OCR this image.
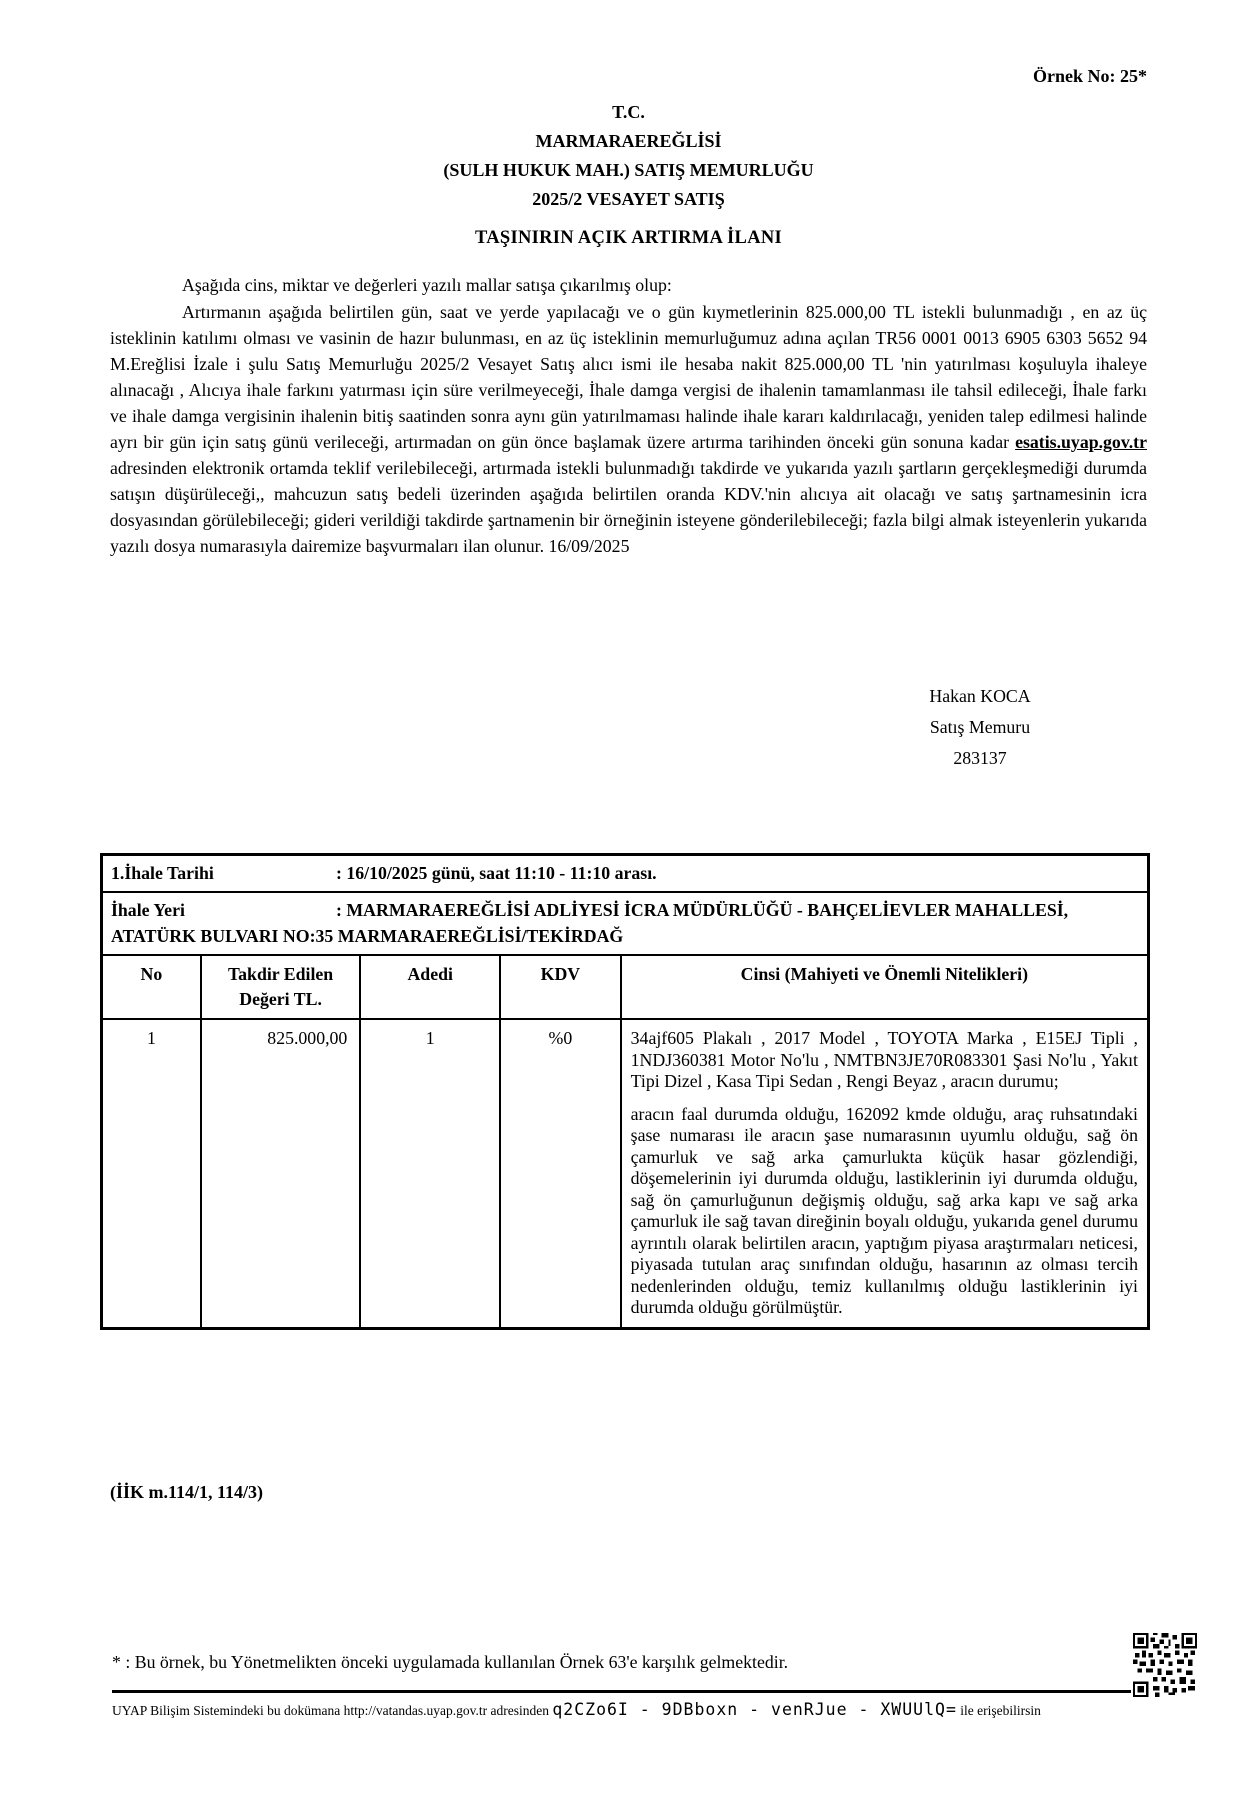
Örnek No: 25*
T.C.
MARMARAEREĞLİSİ
(SULH HUKUK MAH.) SATIŞ MEMURLUĞU
2025/2 VESAYET SATIŞ
TAŞINIRIN AÇIK ARTIRMA İLANI

Aşağıda cins, miktar ve değerleri yazılı mallar satışa çıkarılmış olup:

Artırmanın aşağıda belirtilen gün, saat ve yerde yapılacağı ve o gün kıymetlerinin 825.000,00 TL istekli bulunmadığı , en az üç isteklinin katılımı olması ve vasinin de hazır bulunması, en az üç isteklinin memurluğumuz adına açılan TR56 0001 0013 6905 6303 5652 94 M.Ereğlisi İzale i şulu Satış Memurluğu 2025/2 Vesayet Satış alıcı ismi ile hesaba nakit 825.000,00 TL 'nin yatırılması koşuluyla ihaleye alınacağı , Alıcıya ihale farkını yatırması için süre verilmeyeceği, İhale damga vergisi de ihalenin tamamlanması ile tahsil edileceği, İhale farkı ve ihale damga vergisinin ihalenin bitiş saatinden sonra aynı gün yatırılmaması halinde ihale kararı kaldırılacağı, yeniden talep edilmesi halinde ayrı bir gün için satış günü verileceği, artırmadan on gün önce başlamak üzere artırma tarihinden önceki gün sonuna kadar esatis.uyap.gov.tr adresinden elektronik ortamda teklif verilebileceği, artırmada istekli bulunmadığı takdirde ve yukarıda yazılı şartların gerçekleşmediği durumda satışın düşürüleceği,, mahcuzun satış bedeli üzerinden aşağıda belirtilen oranda KDV.'nin alıcıya ait olacağı ve satış şartnamesinin icra dosyasından görülebileceği; gideri verildiği takdirde şartnamenin bir örneğinin isteyene gönderilebileceği; fazla bilgi almak isteyenlerin yukarıda yazılı dosya numarasıyla dairemize başvurmaları ilan olunur. 16/09/2025

Hakan KOCA
Satış Memuru
283137
1.İhale Tarihi : 16/10/2025 günü, saat 11:10 - 11:10 arası.				
İhale Yeri : MARMARAEREĞLİSİ ADLİYESİ İCRA MÜDÜRLÜĞÜ - BAHÇELİEVLER MAHALLESİ, ATATÜRK BULVARI NO:35 MARMARAEREĞLİSİ/TEKİRDAĞ				
No	Takdir Edilen Değeri TL.	Adedi	KDV	Cinsi (Mahiyeti ve Önemli Nitelikleri)
1	825.000,00	1	%0	34ajf605 Plakalı , 2017 Model , TOYOTA Marka , E15EJ Tipli , 1NDJ360381 Motor No'lu , NMTBN3JE70R083301 Şasi No'lu , Yakıt Tipi Dizel , Kasa Tipi Sedan , Rengi Beyaz , aracın durumu;

aracın faal durumda olduğu, 162092 kmde olduğu, araç ruhsatındaki şase numarası ile aracın şase numarasının uyumlu olduğu, sağ ön çamurluk ve sağ arka çamurlukta küçük hasar gözlendiği, döşemelerinin iyi durumda olduğu, lastiklerinin iyi durumda olduğu, sağ ön çamurluğunun değişmiş olduğu, sağ arka kapı ve sağ arka çamurluk ile sağ tavan direğinin boyalı olduğu, yukarıda genel durumu ayrıntılı olarak belirtilen aracın, yaptığım piyasa araştırmaları neticesi, piyasada tutulan araç sınıfından olduğu, hasarının az olması tercih nedenlerinden olduğu, temiz kullanılmış olduğu lastiklerinin iyi durumda olduğu görülmüştür.

(İİK m.114/1, 114/3)
* : Bu örnek, bu Yönetmelikten önceki uygulamada kullanılan Örnek 63'e karşılık gelmektedir.
UYAP Bilişim Sistemindeki bu dokümana http://vatandas.uyap.gov.tr adresinden q2CZo6I - 9DBboxn - venRJue - XWUUlQ= ile erişebilirsin
